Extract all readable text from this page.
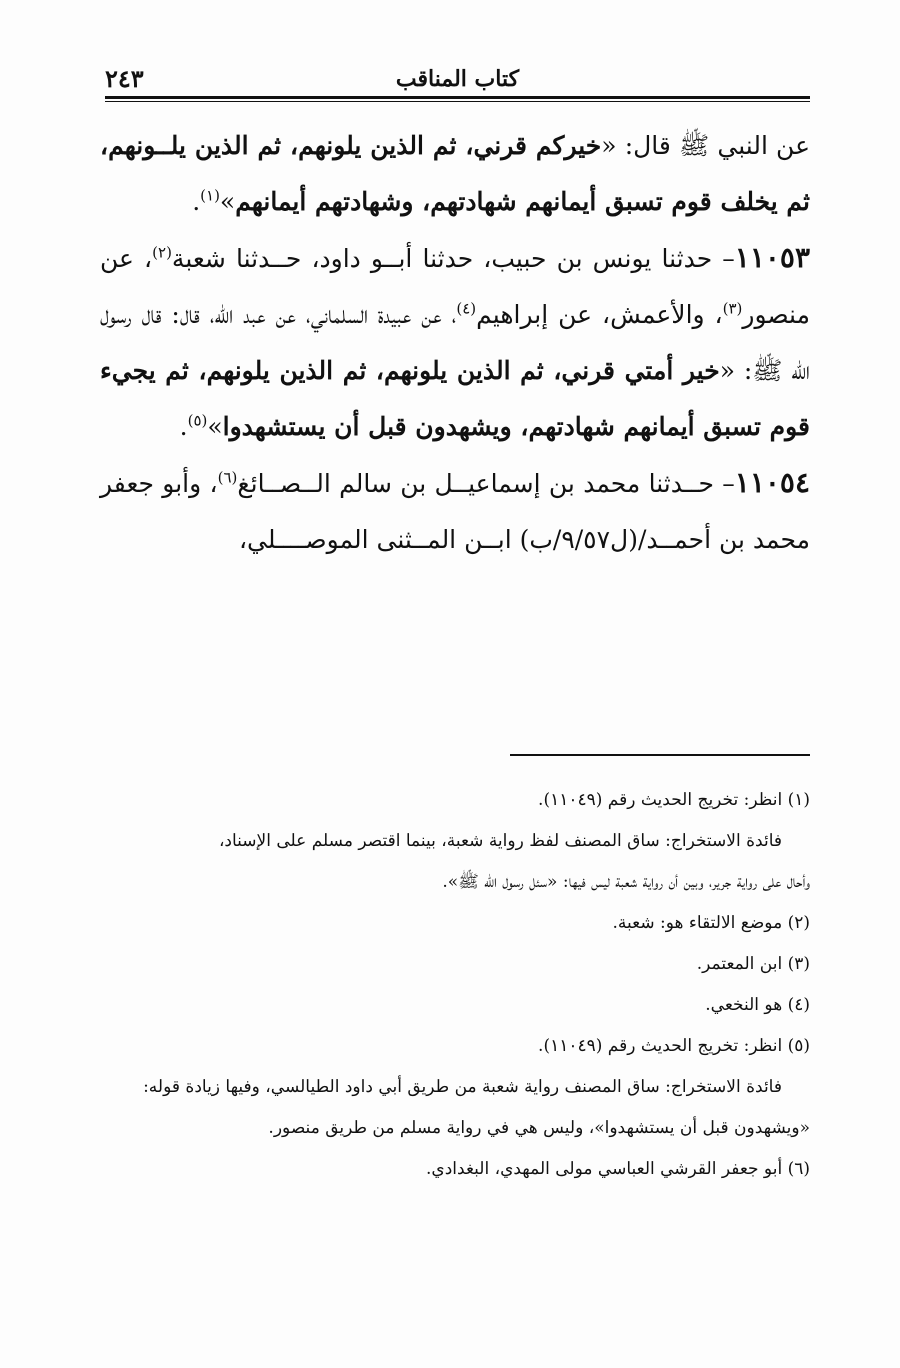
كتاب المناقب
٢٤٣

عن النبي ﷺ قال: «خيركم قرني، ثم الذين يلونهم، ثم الذين يلــونهم، ثم يخلف قوم تسبق أيمانهم شهادتهم، وشهادتهم أيمانهم»$^{(١)}$.

١١٠٥٣– حدثنا يونس بن حبيب، حدثنا أبــو داود، حــدثنا شعبة$^{(٢)}$، عن منصور$^{(٣)}$، والأعمش، عن إبراهيم$^{(٤)}$، عن عبيدة السلماني، عن عبد الله، قال: قال رسول الله ﷺ: «خير أمتي قرني، ثم الذين يلونهم، ثم الذين يلونهم، ثم يجيء قوم تسبق أيمانهم شهادتهم، ويشهدون قبل أن يستشهدوا»$^{(٥)}$.

١١٠٥٤– حــدثنا محمد بن إسماعيــل بن سالم الــصــائغ$^{(٦)}$، وأبو جعفر محمد بن أحمــد/(ل٩/٥٧/ب) ابــن المــثنى الموصــــلي،

(١) انظر: تخريج الحديث رقم (١١٠٤٩).

فائدة الاستخراج: ساق المصنف لفظ رواية شعبة، بينما اقتصر مسلم على الإسناد،

وأحال على رواية جرير، وبين أن رواية شعبة ليس فيها: «سئل رسول الله ﷺ».

(٢) موضع الالتقاء هو: شعبة.

(٣) ابن المعتمر.

(٤) هو النخعي.

(٥) انظر: تخريج الحديث رقم (١١٠٤٩).

فائدة الاستخراج: ساق المصنف رواية شعبة من طريق أبي داود الطيالسي، وفيها زيادة قوله:

«ويشهدون قبل أن يستشهدوا»، وليس هي في رواية مسلم من طريق منصور.

(٦) أبو جعفر القرشي العباسي مولى المهدي، البغدادي.
